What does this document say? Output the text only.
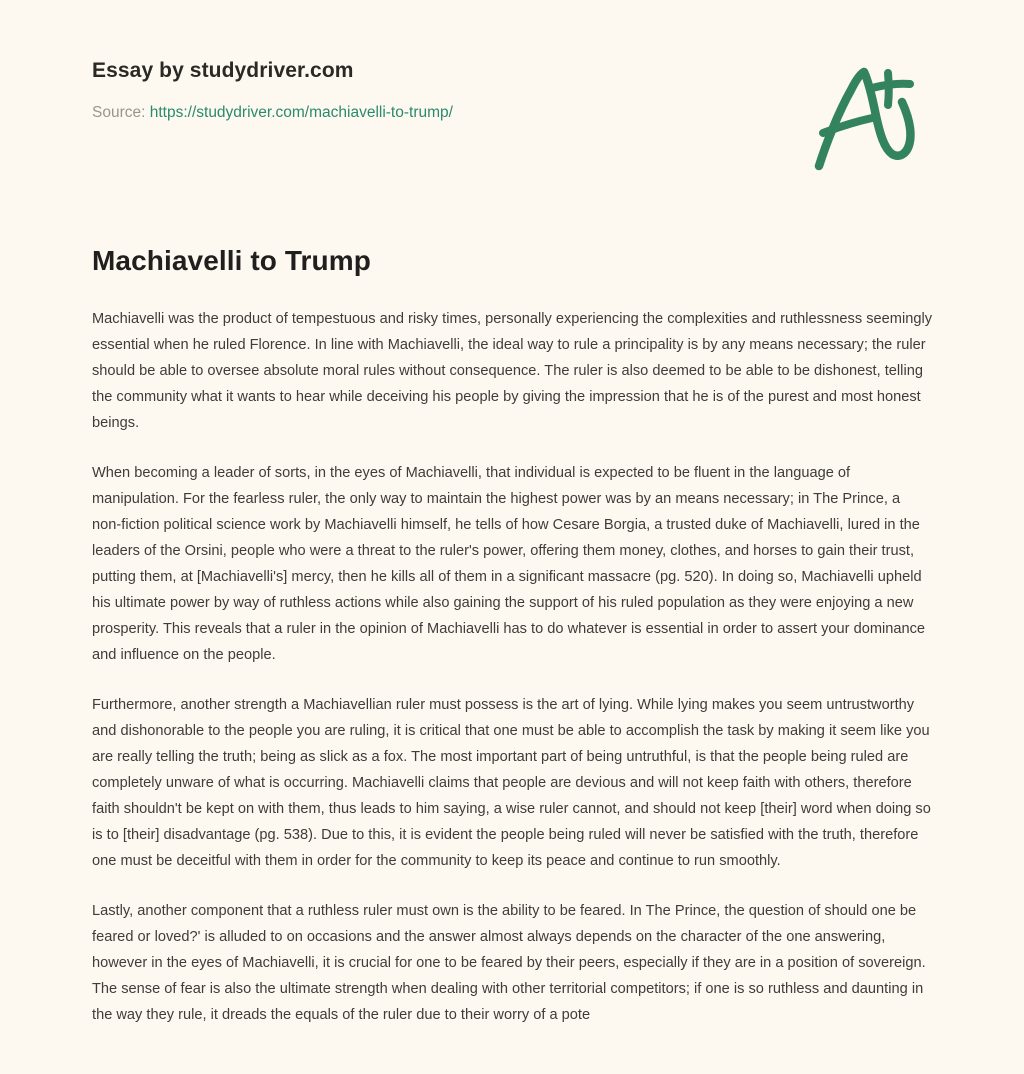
Essay by studydriver.com
Source: https://studydriver.com/machiavelli-to-trump/
Machiavelli to Trump

Machiavelli was the product of tempestuous and risky times, personally experiencing the complexities and ruthlessness seemingly essential when he ruled Florence. In line with Machiavelli, the ideal way to rule a principality is by any means necessary; the ruler should be able to oversee absolute moral rules without consequence. The ruler is also deemed to be able to be dishonest, telling the community what it wants to hear while deceiving his people by giving the impression that he is of the purest and most honest beings.

When becoming a leader of sorts, in the eyes of Machiavelli, that individual is expected to be fluent in the language of manipulation. For the fearless ruler, the only way to maintain the highest power was by an means necessary; in The Prince, a non-fiction political science work by Machiavelli himself, he tells of how Cesare Borgia, a trusted duke of Machiavelli, lured in the leaders of the Orsini, people who were a threat to the ruler's power, offering them money, clothes, and horses to gain their trust, putting them, at [Machiavelli's] mercy, then he kills all of them in a significant massacre (pg. 520). In doing so, Machiavelli upheld his ultimate power by way of ruthless actions while also gaining the support of his ruled population as they were enjoying a new prosperity. This reveals that a ruler in the opinion of Machiavelli has to do whatever is essential in order to assert your dominance and influence on the people.

Furthermore, another strength a Machiavellian ruler must possess is the art of lying. While lying makes you seem untrustworthy and dishonorable to the people you are ruling, it is critical that one must be able to accomplish the task by making it seem like you are really telling the truth; being as slick as a fox. The most important part of being untruthful, is that the people being ruled are completely unware of what is occurring. Machiavelli claims that people are devious and will not keep faith with others, therefore faith shouldn't be kept on with them, thus leads to him saying, a wise ruler cannot, and should not keep [their] word when doing so is to [their] disadvantage (pg. 538). Due to this, it is evident the people being ruled will never be satisfied with the truth, therefore one must be deceitful with them in order for the community to keep its peace and continue to run smoothly.

Lastly, another component that a ruthless ruler must own is the ability to be feared. In The Prince, the question of should one be feared or loved?' is alluded to on occasions and the answer almost always depends on the character of the one answering, however in the eyes of Machiavelli, it is crucial for one to be feared by their peers, especially if they are in a position of sovereign. The sense of fear is also the ultimate strength when dealing with other territorial competitors; if one is so ruthless and daunting in the way they rule, it dreads the equals of the ruler due to their worry of a pote
